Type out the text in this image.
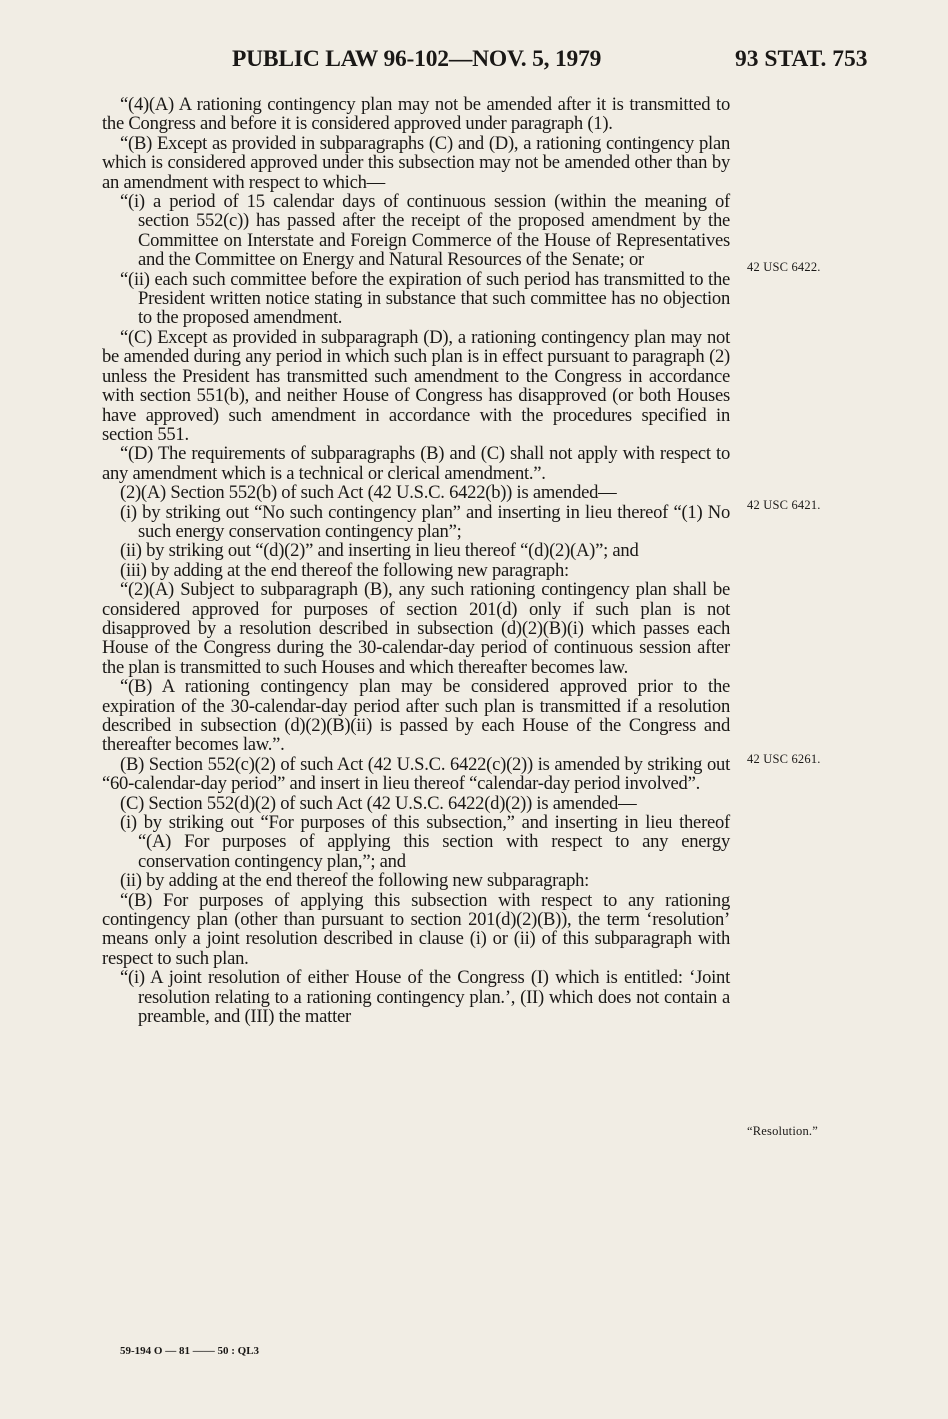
PUBLIC LAW 96-102—NOV. 5, 1979	93 STAT. 753

“(4)(A) A rationing contingency plan may not be amended after it is transmitted to the Congress and before it is considered approved under paragraph (1).

“(B) Except as provided in subparagraphs (C) and (D), a rationing contingency plan which is considered approved under this subsection may not be amended other than by an amendment with respect to which—

“(i) a period of 15 calendar days of continuous session (within the meaning of section 552(c)) has passed after the receipt of the proposed amendment by the Committee on Interstate and Foreign Commerce of the House of Representatives and the Committee on Energy and Natural Resources of the Senate; or

“(ii) each such committee before the expiration of such period has transmitted to the President written notice stating in substance that such committee has no objection to the proposed amendment.

“(C) Except as provided in subparagraph (D), a rationing contingency plan may not be amended during any period in which such plan is in effect pursuant to paragraph (2) unless the President has transmitted such amendment to the Congress in accordance with section 551(b), and neither House of Congress has disapproved (or both Houses have approved) such amendment in accordance with the procedures specified in section 551.

“(D) The requirements of subparagraphs (B) and (C) shall not apply with respect to any amendment which is a technical or clerical amendment.”.

(2)(A) Section 552(b) of such Act (42 U.S.C. 6422(b)) is amended—

(i) by striking out “No such contingency plan” and inserting in lieu thereof “(1) No such energy conservation contingency plan”;

(ii) by striking out “(d)(2)” and inserting in lieu thereof “(d)(2)(A)”; and

(iii) by adding at the end thereof the following new paragraph:

“(2)(A) Subject to subparagraph (B), any such rationing contingency plan shall be considered approved for purposes of section 201(d) only if such plan is not disapproved by a resolution described in subsection (d)(2)(B)(i) which passes each House of the Congress during the 30-calendar-day period of continuous session after the plan is transmitted to such Houses and which thereafter becomes law.

“(B) A rationing contingency plan may be considered approved prior to the expiration of the 30-calendar-day period after such plan is transmitted if a resolution described in subsection (d)(2)(B)(ii) is passed by each House of the Congress and thereafter becomes law.”.

(B) Section 552(c)(2) of such Act (42 U.S.C. 6422(c)(2)) is amended by striking out “60-calendar-day period” and insert in lieu thereof “calendar-day period involved”.

(C) Section 552(d)(2) of such Act (42 U.S.C. 6422(d)(2)) is amended—

(i) by striking out “For purposes of this subsection,” and inserting in lieu thereof “(A) For purposes of applying this section with respect to any energy conservation contingency plan,”; and

(ii) by adding at the end thereof the following new subparagraph:

“(B) For purposes of applying this subsection with respect to any rationing contingency plan (other than pursuant to section 201(d)(2)(B)), the term ‘resolution’ means only a joint resolution described in clause (i) or (ii) of this subparagraph with respect to such plan.

“(i) A joint resolution of either House of the Congress (I) which is entitled: ‘Joint resolution relating to a rationing contingency plan.’, (II) which does not contain a preamble, and (III) the matter

42 USC 6422.
42 USC 6421.
42 USC 6261.
“Resolution.”
59-194 O — 81 —— 50 : QL3
